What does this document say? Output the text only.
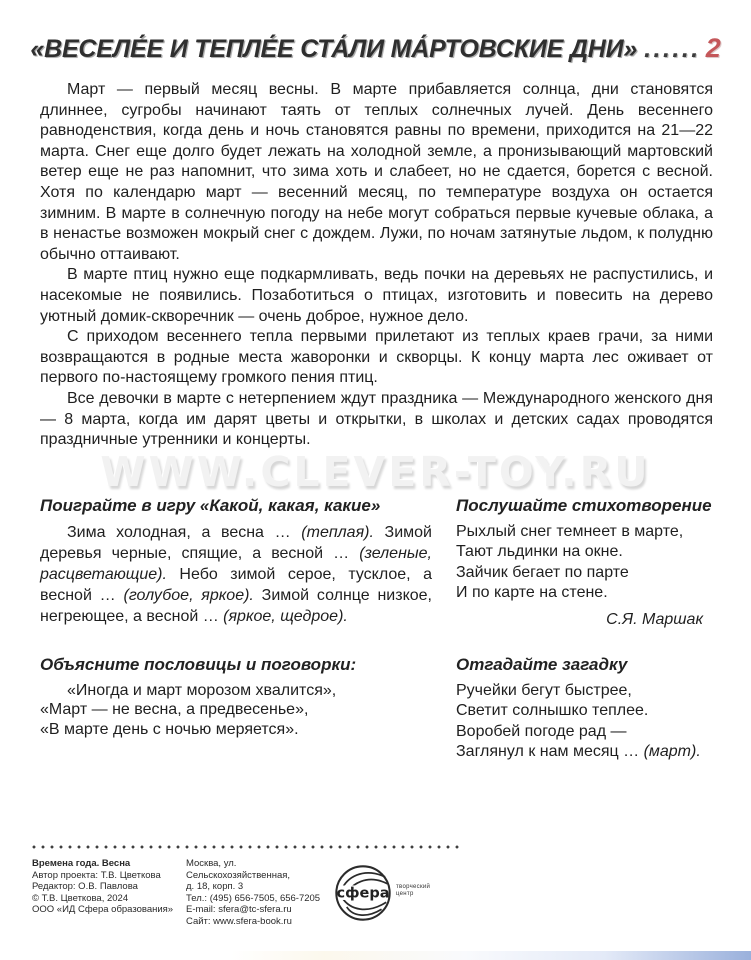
WWW.CLEVER-TOY.RU
«ВЕСЕЛЕ́Е И ТЕПЛЕ́Е СТА́ЛИ МА́РТОВСКИЕ ДНИ» ...... 2

Март — первый месяц весны. В марте прибавляется солнца, дни становятся длиннее, сугробы начинают таять от теплых солнечных лучей. День весеннего равноденствия, когда день и ночь становятся равны по времени, приходится на 21—22 марта. Снег еще долго будет лежать на холодной земле, а пронизывающий мартовский ветер еще не раз напомнит, что зима хоть и слабеет, но не сдается, борется с весной. Хотя по календарю март — весенний месяц, по температуре воздуха он остается зимним. В марте в солнечную погоду на небе могут собраться первые кучевые облака, а в ненастье возможен мокрый снег с дождем. Лужи, по ночам затянутые льдом, к полудню обычно оттаивают.

В марте птиц нужно еще подкармливать, ведь почки на деревьях не распустились, и насекомые не появились. Позаботиться о птицах, изготовить и повесить на дерево уютный домик-скворечник — очень доброе, нужное дело.

С приходом весеннего тепла первыми прилетают из теплых краев грачи, за ними возвращаются в родные места жаворонки и скворцы. К концу марта лес оживает от первого по-настоящему громкого пения птиц.

Все девочки в марте с нетерпением ждут праздника — Международного женского дня — 8 марта, когда им дарят цветы и открытки, в школах и детских садах проводятся праздничные утренники и концерты.

Поиграйте в игру «Какой, какая, какие»

Зима холодная, а весна … (теплая). Зимой деревья черные, спящие, а весной … (зеленые, расцветающие). Небо зимой серое, тусклое, а весной … (голубое, яркое). Зимой солнце низкое, негреющее, а весной … (яркое, щедрое).

Послушайте стихотворение

Рыхлый снег темнеет в марте,
Тают льдинки на окне.
Зайчик бегает по парте
И по карте на стене.
С.Я. Маршак

Объясните пословицы и поговорки:

«Иногда и март морозом хвалится»,
«Март — не весна, а предвесенье»,
«В марте день с ночью меряется».

Отгадайте загадку

Ручейки бегут быстрее,
Светит солнышко теплее.
Воробей погоде рад —
Заглянул к нам месяц … (март).
Времена года. Весна
Автор проекта: Т.В. Цветкова
Редактор: О.В. Павлова
© Т.В. Цветкова, 2024
ООО «ИД Сфера образования»
Москва, ул. Сельскохозяйственная,
д. 18, корп. 3
Тел.: (495) 656-7505, 656-7205
E-mail: sfera@tc-sfera.ru
Сайт: www.sfera-book.ru
сфера творческий центр
